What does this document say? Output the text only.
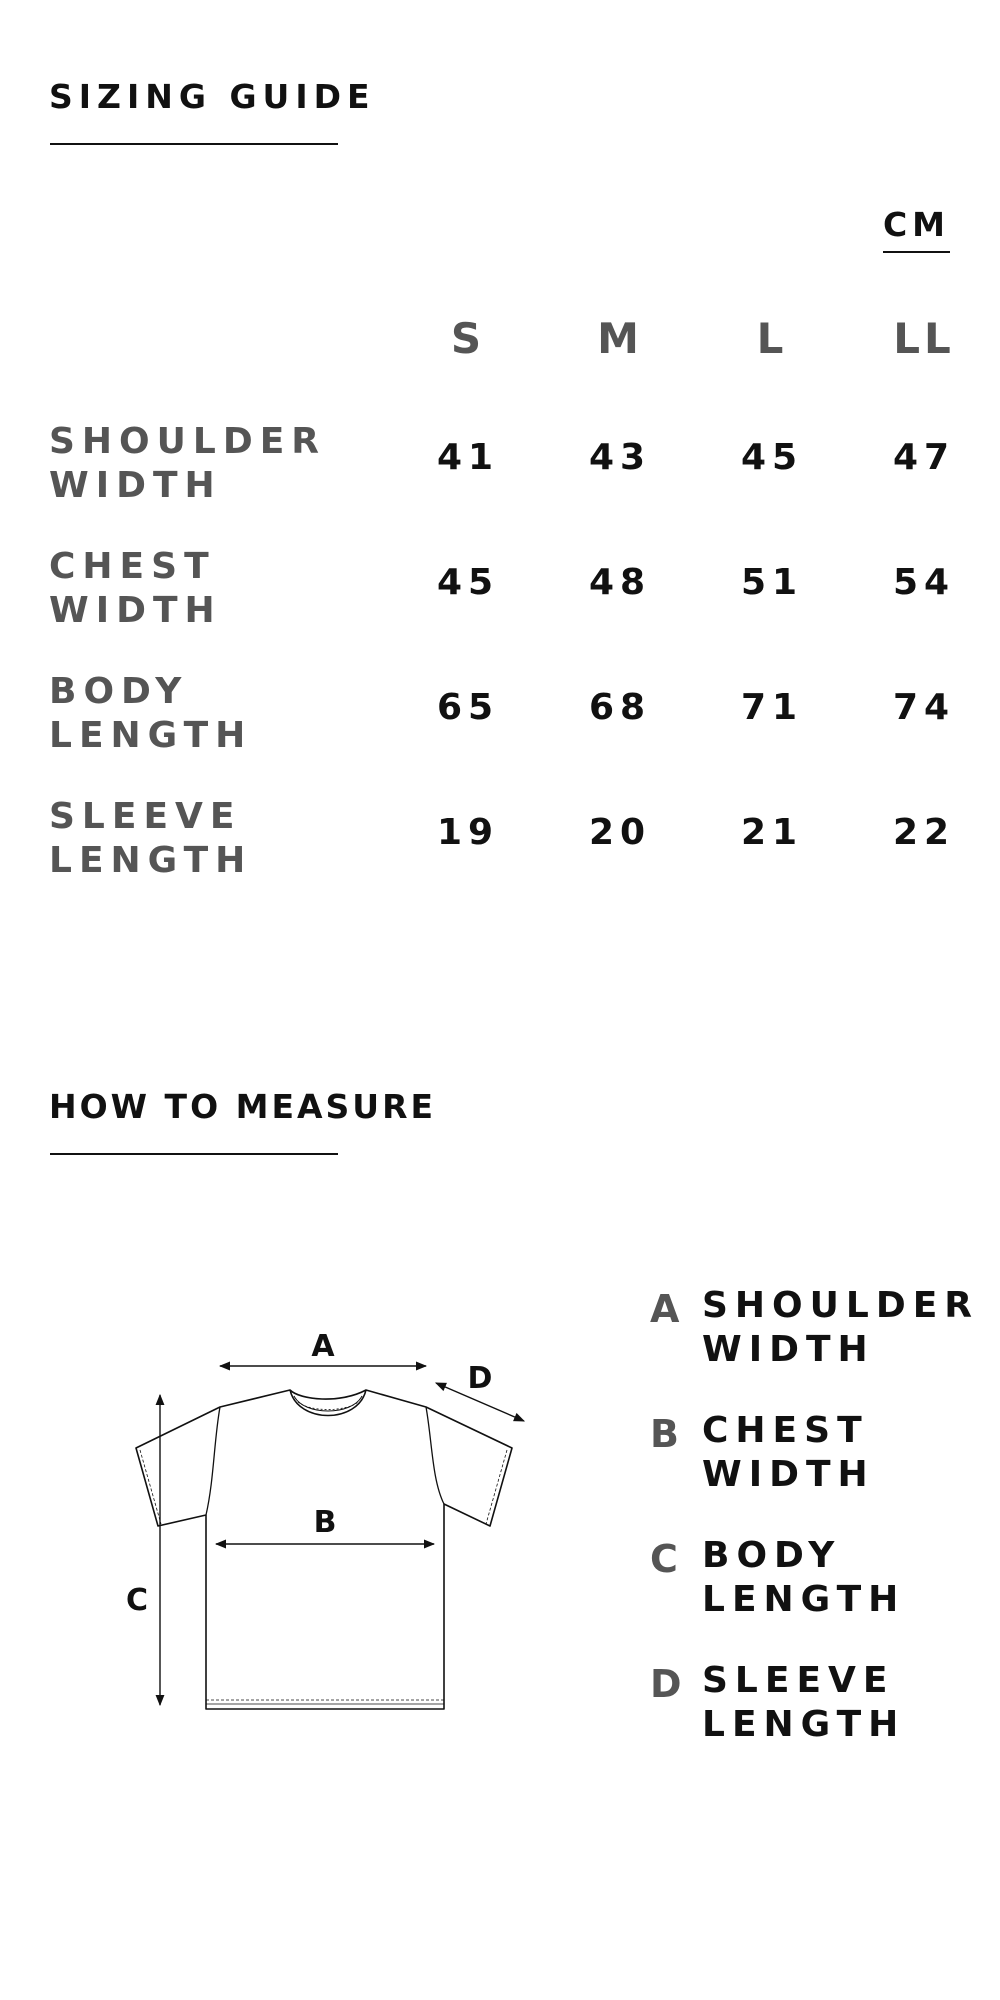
SIZING GUIDE
CM
S	M	L	LL
SHOULDER
WIDTH
41	43	45	47
CHEST
WIDTH
45	48	51	54
BODY
LENGTH
65	68	71	74
SLEEVE
LENGTH
19	20	21	22
HOW TO MEASURE
A
B
C
D
A SHOULDER
WIDTH
B CHEST
WIDTH
C BODY
LENGTH
D SLEEVE
LENGTH
